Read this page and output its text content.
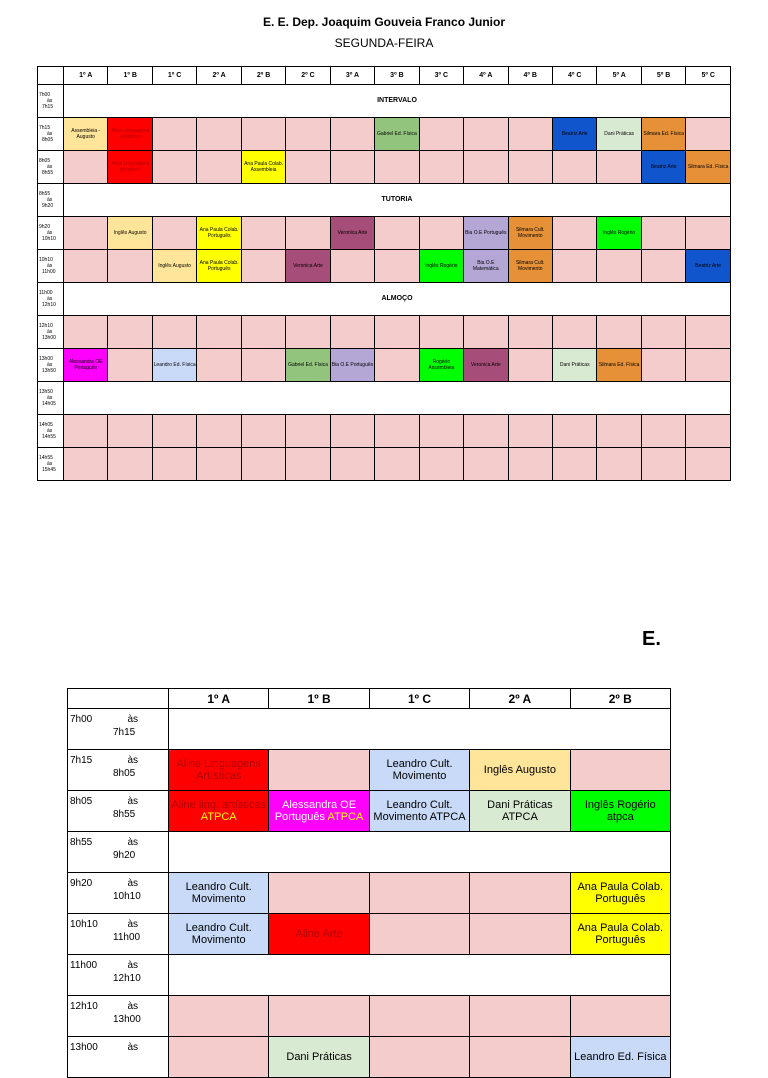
E. E. Dep. Joaquim Gouveia Franco Junior
SEGUNDA-FEIRA
	1º A	1º B	1º C	2º A	2º B	2º C	3º A	3º B	3º C	4º A	4º B	4º C	5º A	5º B	5º C

7h00
às
7h15	INTERVALO														

7h15
às
8h05	Assembleia - Augusto	Aline Linguagens Artísticas						Gabriel Ed. Física				Beatriz Arte	Dani Práticas	Silmara Ed. Física	

8h05
às
8h55		Aline Linguagens Artísticas			Ana Paula Colab. Assembleia									Beatriz Arte	Silmara Ed. Física

8h55
às
9h20	TUTORIA														

9h20
às
10h10		Inglês Augusto		Ana Paula Colab. Português			Veronica Arte			Bia O.E Português	Silmara Cult. Movimento		Inglês Rogério		

10h10
às
11h00			Inglês Augusto	Ana Paula Colab. Português		Veronica Arte			Inglês Rogério	Bia O.E Matemática	Silmara Cult. Movimento				Beatriz Arte

11h00
às
12h10	ALMOÇO														

12h10
às
13h00															

13h00
às
13h50	Alessandra OE Português		Leandro Ed. Física			Gabriel Ed. Física	Bia O.E Português		Rogério Assembleia	Veronica Arte		Dani Práticas	Silmara Ed. Física		

13h50
às
14h05															

14h05
às
14h55															

14h55
às
15h45															

E.
	1º A	1º B	1º C	2º A	2º B

7h00 às
7h15					

7h15 às
8h05	Aline Linguagens Artísticas		Leandro Cult. Movimento	Inglês Augusto	

8h05 às
8h55	Aline ling. artísticas ATPCA	Alessandra OE Português ATPCA	Leandro Cult. Movimento ATPCA	Dani Práticas ATPCA	Inglês Rogério atpca

8h55 às
9h20					

9h20 às
10h10	Leandro Cult. Movimento				Ana Paula Colab. Português

10h10 às
11h00	Leandro Cult. Movimento	Aline Arte			Ana Paula Colab. Português

11h00 às
12h10					

12h10 às
13h00					

13h00 às		Dani Práticas			Leandro Ed. Física
